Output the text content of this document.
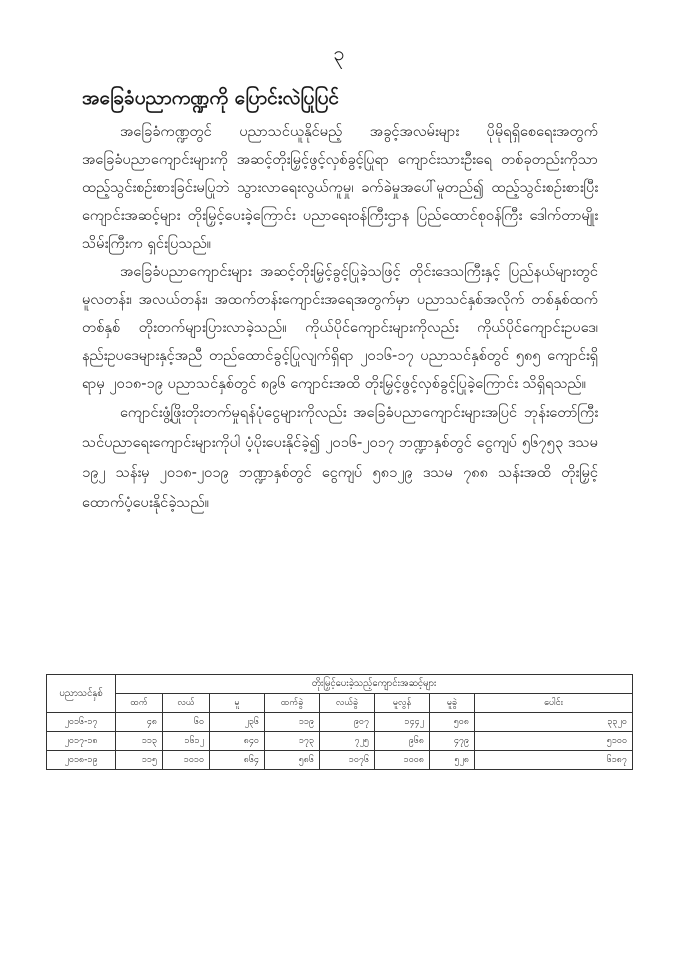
၃
အခြေခံပညာကဏ္ဍကို ပြောင်းလဲပြုပြင်

အခြေခံကဏ္ဍတွင် ပညာသင်ယူနိုင်မည့် အခွင့်အလမ်းများ ပိုမိုရရှိစေရေးအတွက် အခြေခံပညာကျောင်းများကို အဆင့်တိုးမြှင့်ဖွင့်လှစ်ခွင့်ပြုရာ ကျောင်းသားဦးရေ တစ်ခုတည်းကိုသာ ထည့်သွင်းစဉ်းစားခြင်းမပြုဘဲ သွားလာရေးလွယ်ကူမှု၊ ခက်ခဲမှုအပေါ်မူတည်၍ ထည့်သွင်းစဉ်းစားပြီး ကျောင်းအဆင့်များ တိုးမြှင့်ပေးခဲ့ကြောင်း ပညာရေးဝန်ကြီးဌာန ပြည်ထောင်စုဝန်ကြီး ဒေါက်တာမျိုးသိမ်းကြီးက ရှင်းပြသည်။

အခြေခံပညာကျောင်းများ အဆင့်တိုးမြှင့်ခွင့်ပြုခဲ့သဖြင့် တိုင်းဒေသကြီးနှင့် ပြည်နယ်များတွင် မူလတန်း၊ အလယ်တန်း၊ အထက်တန်းကျောင်းအရေအတွက်မှာ ပညာသင်နှစ်အလိုက် တစ်နှစ်ထက်တစ်နှစ် တိုးတက်များပြားလာခဲ့သည်။ ကိုယ်ပိုင်ကျောင်းများကိုလည်း ကိုယ်ပိုင်ကျောင်းဥပဒေ၊ နည်းဥပဒေများနှင့်အညီ တည်ထောင်ခွင့်ပြုလျက်ရှိရာ ၂၀၁၆-၁၇ ပညာသင်နှစ်တွင် ၅၈၅ ကျောင်းရှိရာမှ ၂၀၁၈-၁၉ ပညာသင်နှစ်တွင် ၈၉၆ ကျောင်းအထိ တိုးမြှင့်ဖွင့်လှစ်ခွင့်ပြုခဲ့ကြောင်း သိရှိရသည်။

ကျောင်းဖွံ့ဖြိုးတိုးတက်မှုရန်ပုံငွေများကိုလည်း အခြေခံပညာကျောင်းများအပြင် ဘုန်းတော်ကြီးသင်ပညာရေးကျောင်းများကိုပါ ပံ့ပိုးပေးနိုင်ခဲ့၍ ၂၀၁၆-၂၀၁၇ ဘဏ္ဍာနှစ်တွင် ငွေကျပ် ၅၆၇၅၃ ဒသမ ၁၉၂ သန်းမှ ၂၀၁၈-၂၀၁၉ ဘဏ္ဍာနှစ်တွင် ငွေကျပ် ၅၈၁၂၉ ဒသမ ၇၈၈ သန်းအထိ တိုးမြှင့်ထောက်ပံ့ပေးနိုင်ခဲ့သည်။

ပညာသင်နှစ်	တိုးမြှင့်ပေးခဲ့သည့်ကျောင်းအဆင့်များ							
	ထက်	လယ်	မူ	ထက်ခွဲ	လယ်ခွဲ	မူလွန်	မူခွဲ	ပေါင်း
၂၀၁၆-၁၇	၄၈	၆၀	၂၃၆	၁၁၉	၉၀၇	၁၄၄၂	၅၀၈	၃၃၂၀
၂၀၁၇-၁၈	၁၁၃	၁၆၁၂	၈၄၀	၁၇၃	၇၂၅	၉၆၈	၄၇၉	၅၁၀၀
၂၀၁၈-၁၉	၁၁၅	၁၀၁၀	၈၆၄	၅၈၆	၁၀၇၆	၁၀၀၈	၅၂၈	၆၁၈၇
